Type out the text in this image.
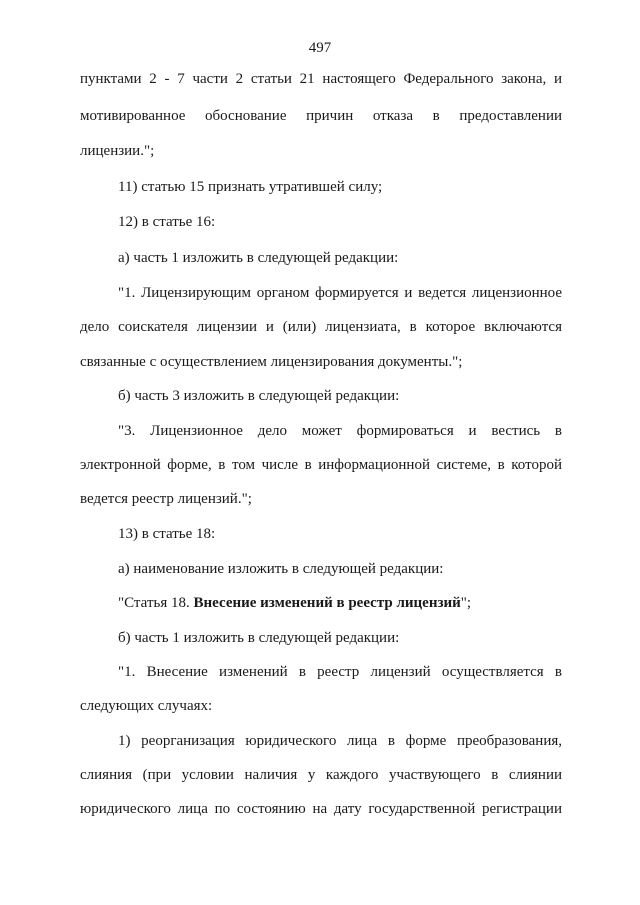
497
пунктами 2 - 7 части 2 статьи 21 настоящего Федерального закона, и
мотивированное обоснование причин отказа в предоставлении
лицензии.";
11) статью 15 признать утратившей силу;
12) в статье 16:
а) часть 1 изложить в следующей редакции:
"1. Лицензирующим органом формируется и ведется лицензионное
дело соискателя лицензии и (или) лицензиата, в которое включаются
связанные с осуществлением лицензирования документы.";
б) часть 3 изложить в следующей редакции:
"3. Лицензионное дело может формироваться и вестись в
электронной форме, в том числе в информационной системе, в которой
ведется реестр лицензий.";
13) в статье 18:
а) наименование изложить в следующей редакции:
"Статья 18. Внесение изменений в реестр лицензий";
б) часть 1 изложить в следующей редакции:
"1. Внесение изменений в реестр лицензий осуществляется в
следующих случаях:
1) реорганизация юридического лица в форме преобразования,
слияния (при условии наличия у каждого участвующего в слиянии
юридического лица по состоянию на дату государственной регистрации
